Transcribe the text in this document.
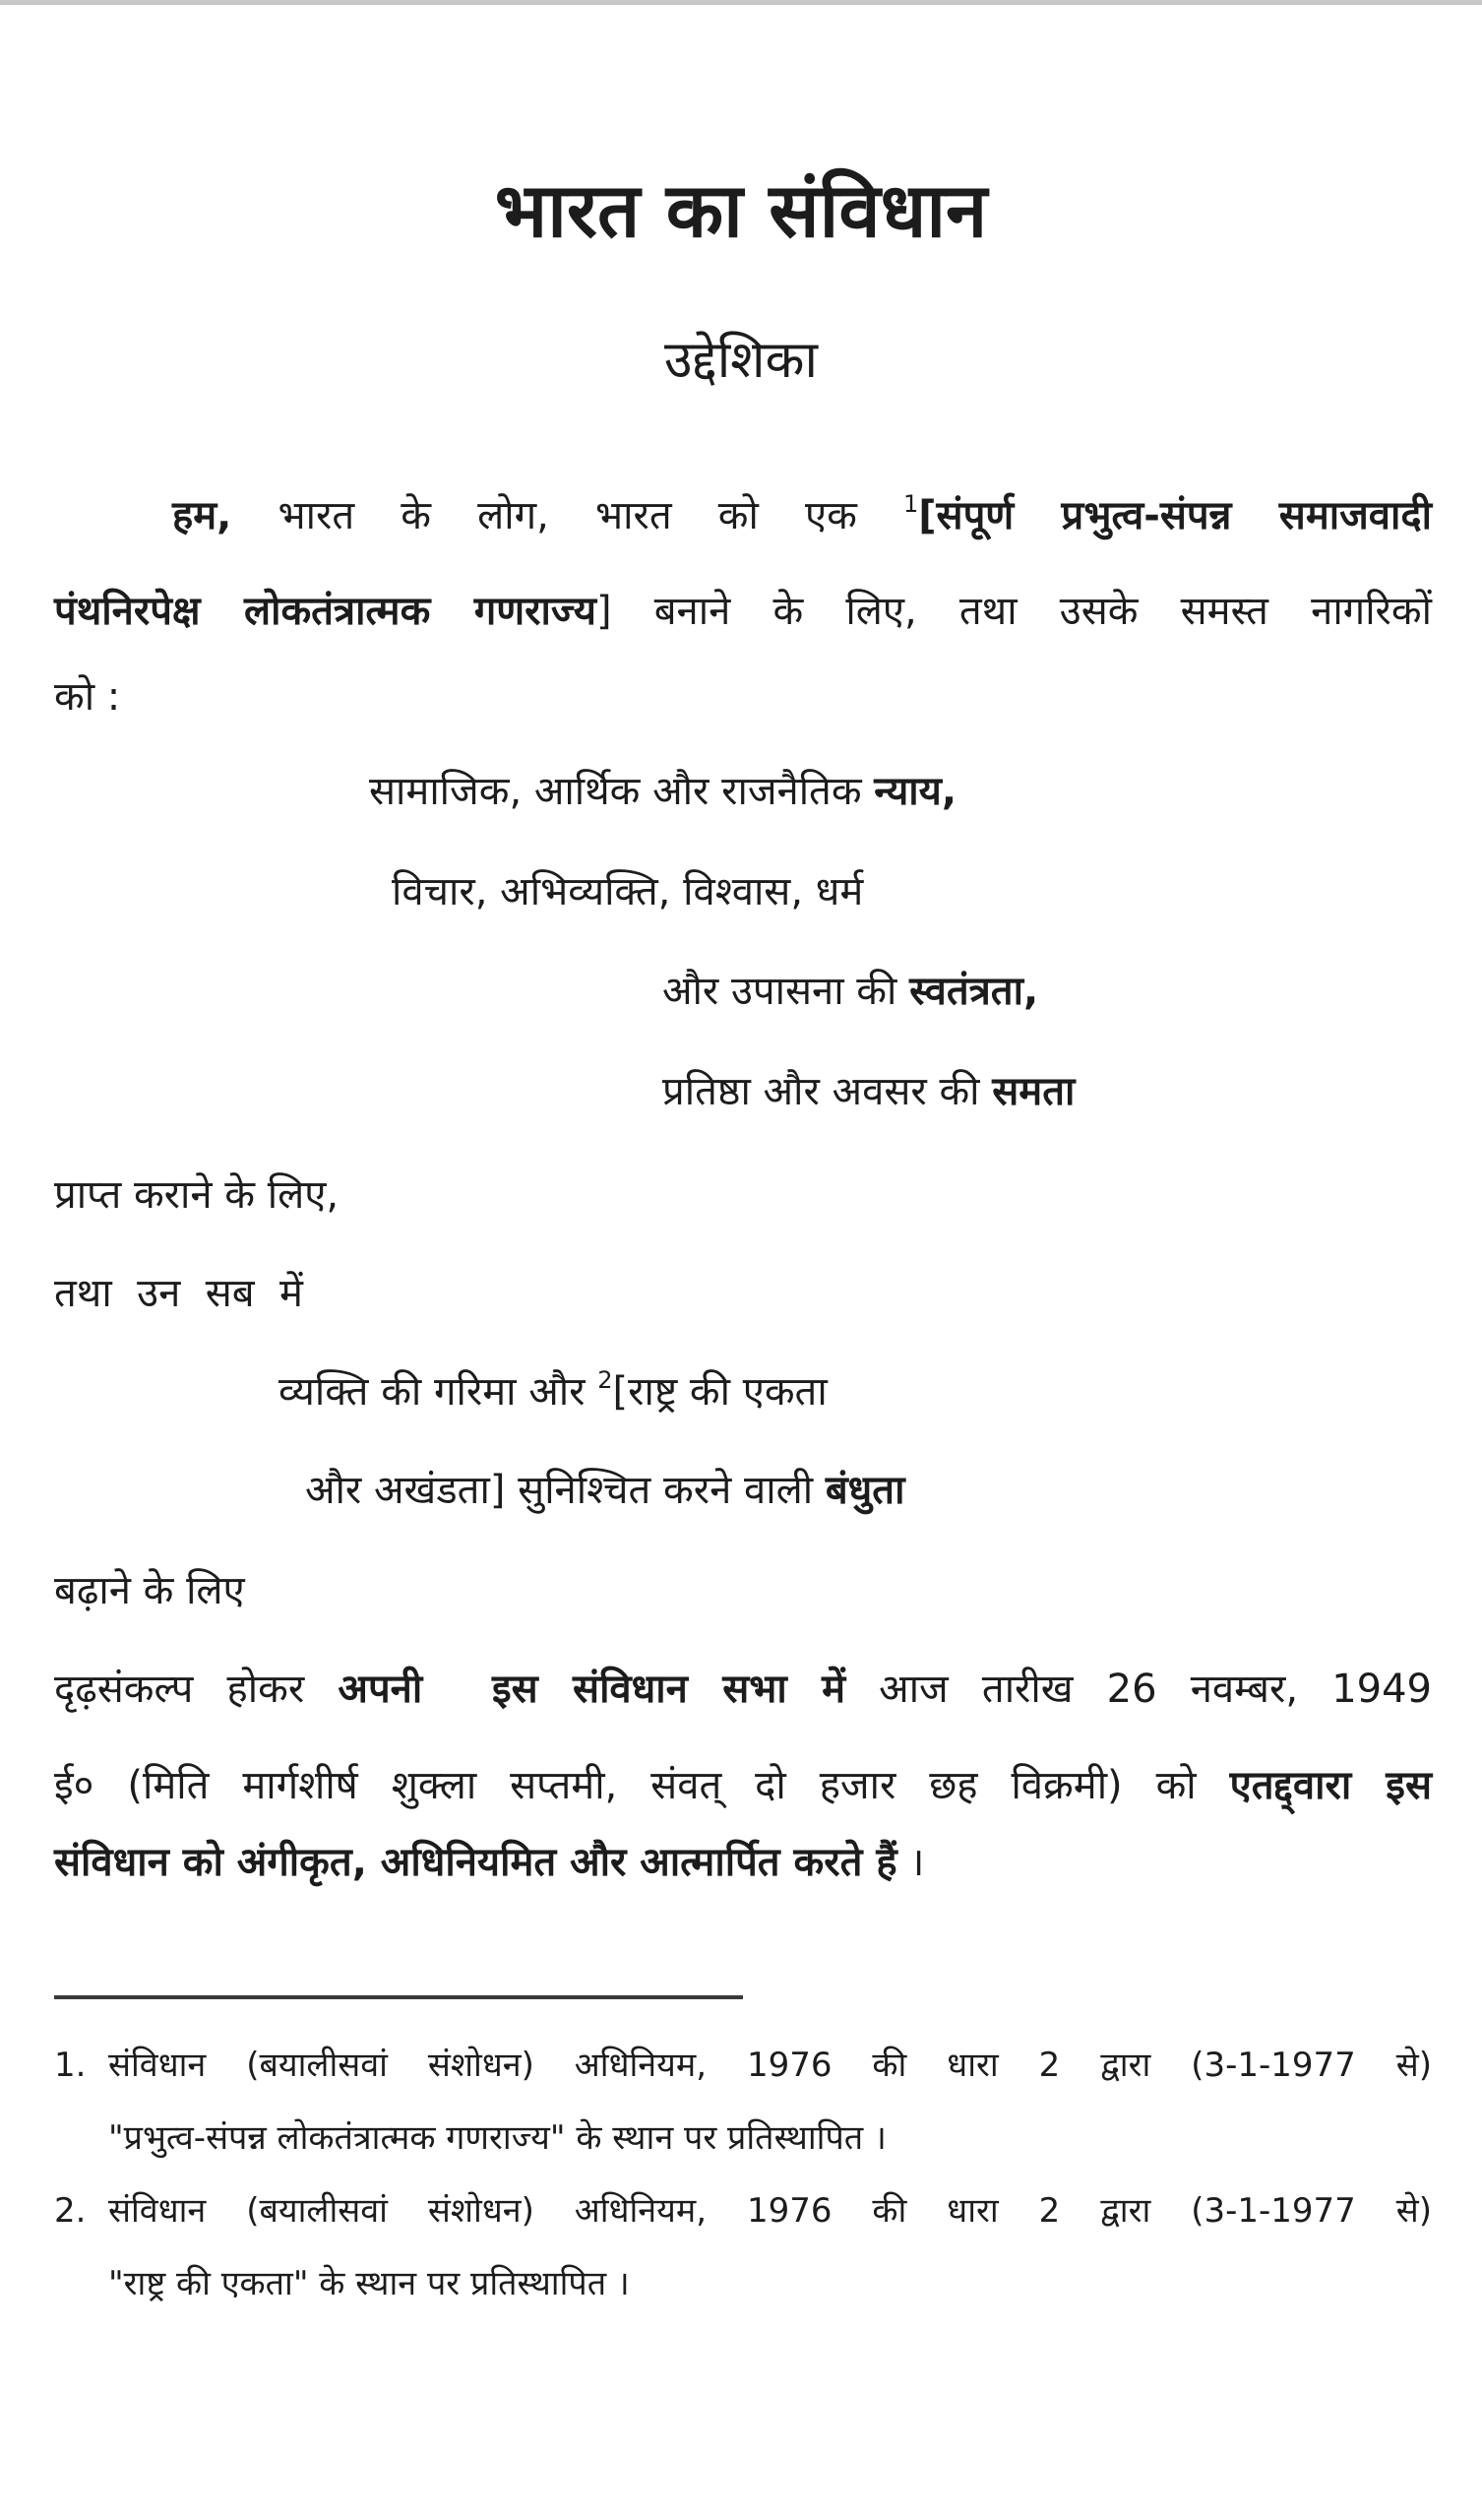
भारत का संविधान
उद्देशिका
हम, भारत के लोग, भारत को एक $^1$[संपूर्ण प्रभुत्व-संपन्न समाजवादी
पंथनिरपेक्ष लोकतंत्रात्मक गणराज्य] बनाने के लिए, तथा उसके समस्त नागरिकों
को :
सामाजिक, आर्थिक और राजनैतिक न्याय,
विचार, अभिव्यक्ति, विश्वास, धर्म
और उपासना की स्वतंत्रता,
प्रतिष्ठा और अवसर की समता
प्राप्त कराने के लिए,
तथा  उन  सब  में
व्यक्ति की गरिमा और $^2$[राष्ट्र की एकता
और अखंडता] सुनिश्चित करने वाली बंधुता
बढ़ाने के लिए
दृढ़संकल्प होकर अपनी  इस संविधान सभा में आज तारीख 26 नवम्बर, 1949
ई० (मिति मार्गशीर्ष शुक्ला सप्तमी, संवत् दो हजार छह विक्रमी) को एतद्द्वारा इस
संविधान को अंगीकृत, अधिनियमित और आत्मार्पित करते हैं ।
1. संविधान (बयालीसवां संशोधन) अधिनियम, 1976 की धारा 2 द्वारा (3-1-1977 से)
"प्रभुत्व-संपन्न लोकतंत्रात्मक गणराज्य" के स्थान पर प्रतिस्थापित ।
2. संविधान (बयालीसवां संशोधन) अधिनियम, 1976 की धारा 2 द्वारा (3-1-1977 से)
"राष्ट्र की एकता" के स्थान पर प्रतिस्थापित ।
